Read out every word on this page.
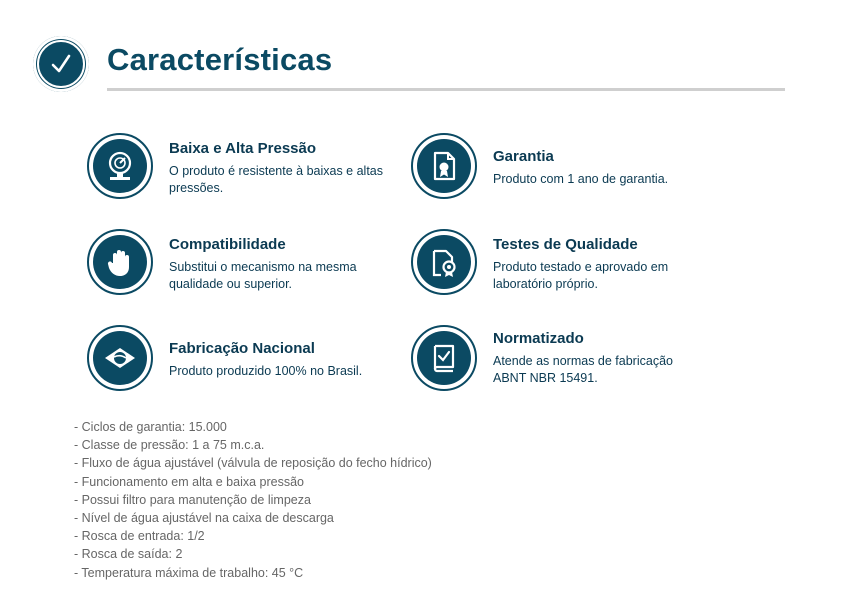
Características
Baixa e Alta Pressão
O produto é resistente à baixas e altas pressões.
Garantia
Produto com 1 ano de garantia.
Compatibilidade
Substitui o mecanismo na mesma qualidade ou superior.
Testes de Qualidade
Produto testado e aprovado em laboratório próprio.
Fabricação Nacional
Produto produzido 100% no Brasil.
Normatizado
Atende as normas de fabricação ABNT NBR 15491.
- Ciclos de garantia: 15.000
- Classe de pressão: 1 a 75 m.c.a.
- Fluxo de água ajustável (válvula de reposição do fecho hídrico)
- Funcionamento em alta e baixa pressão
- Possui filtro para manutenção de limpeza
- Nível de água ajustável na caixa de descarga
- Rosca de entrada: 1/2
- Rosca de saída: 2
- Temperatura máxima de trabalho: 45 °C
